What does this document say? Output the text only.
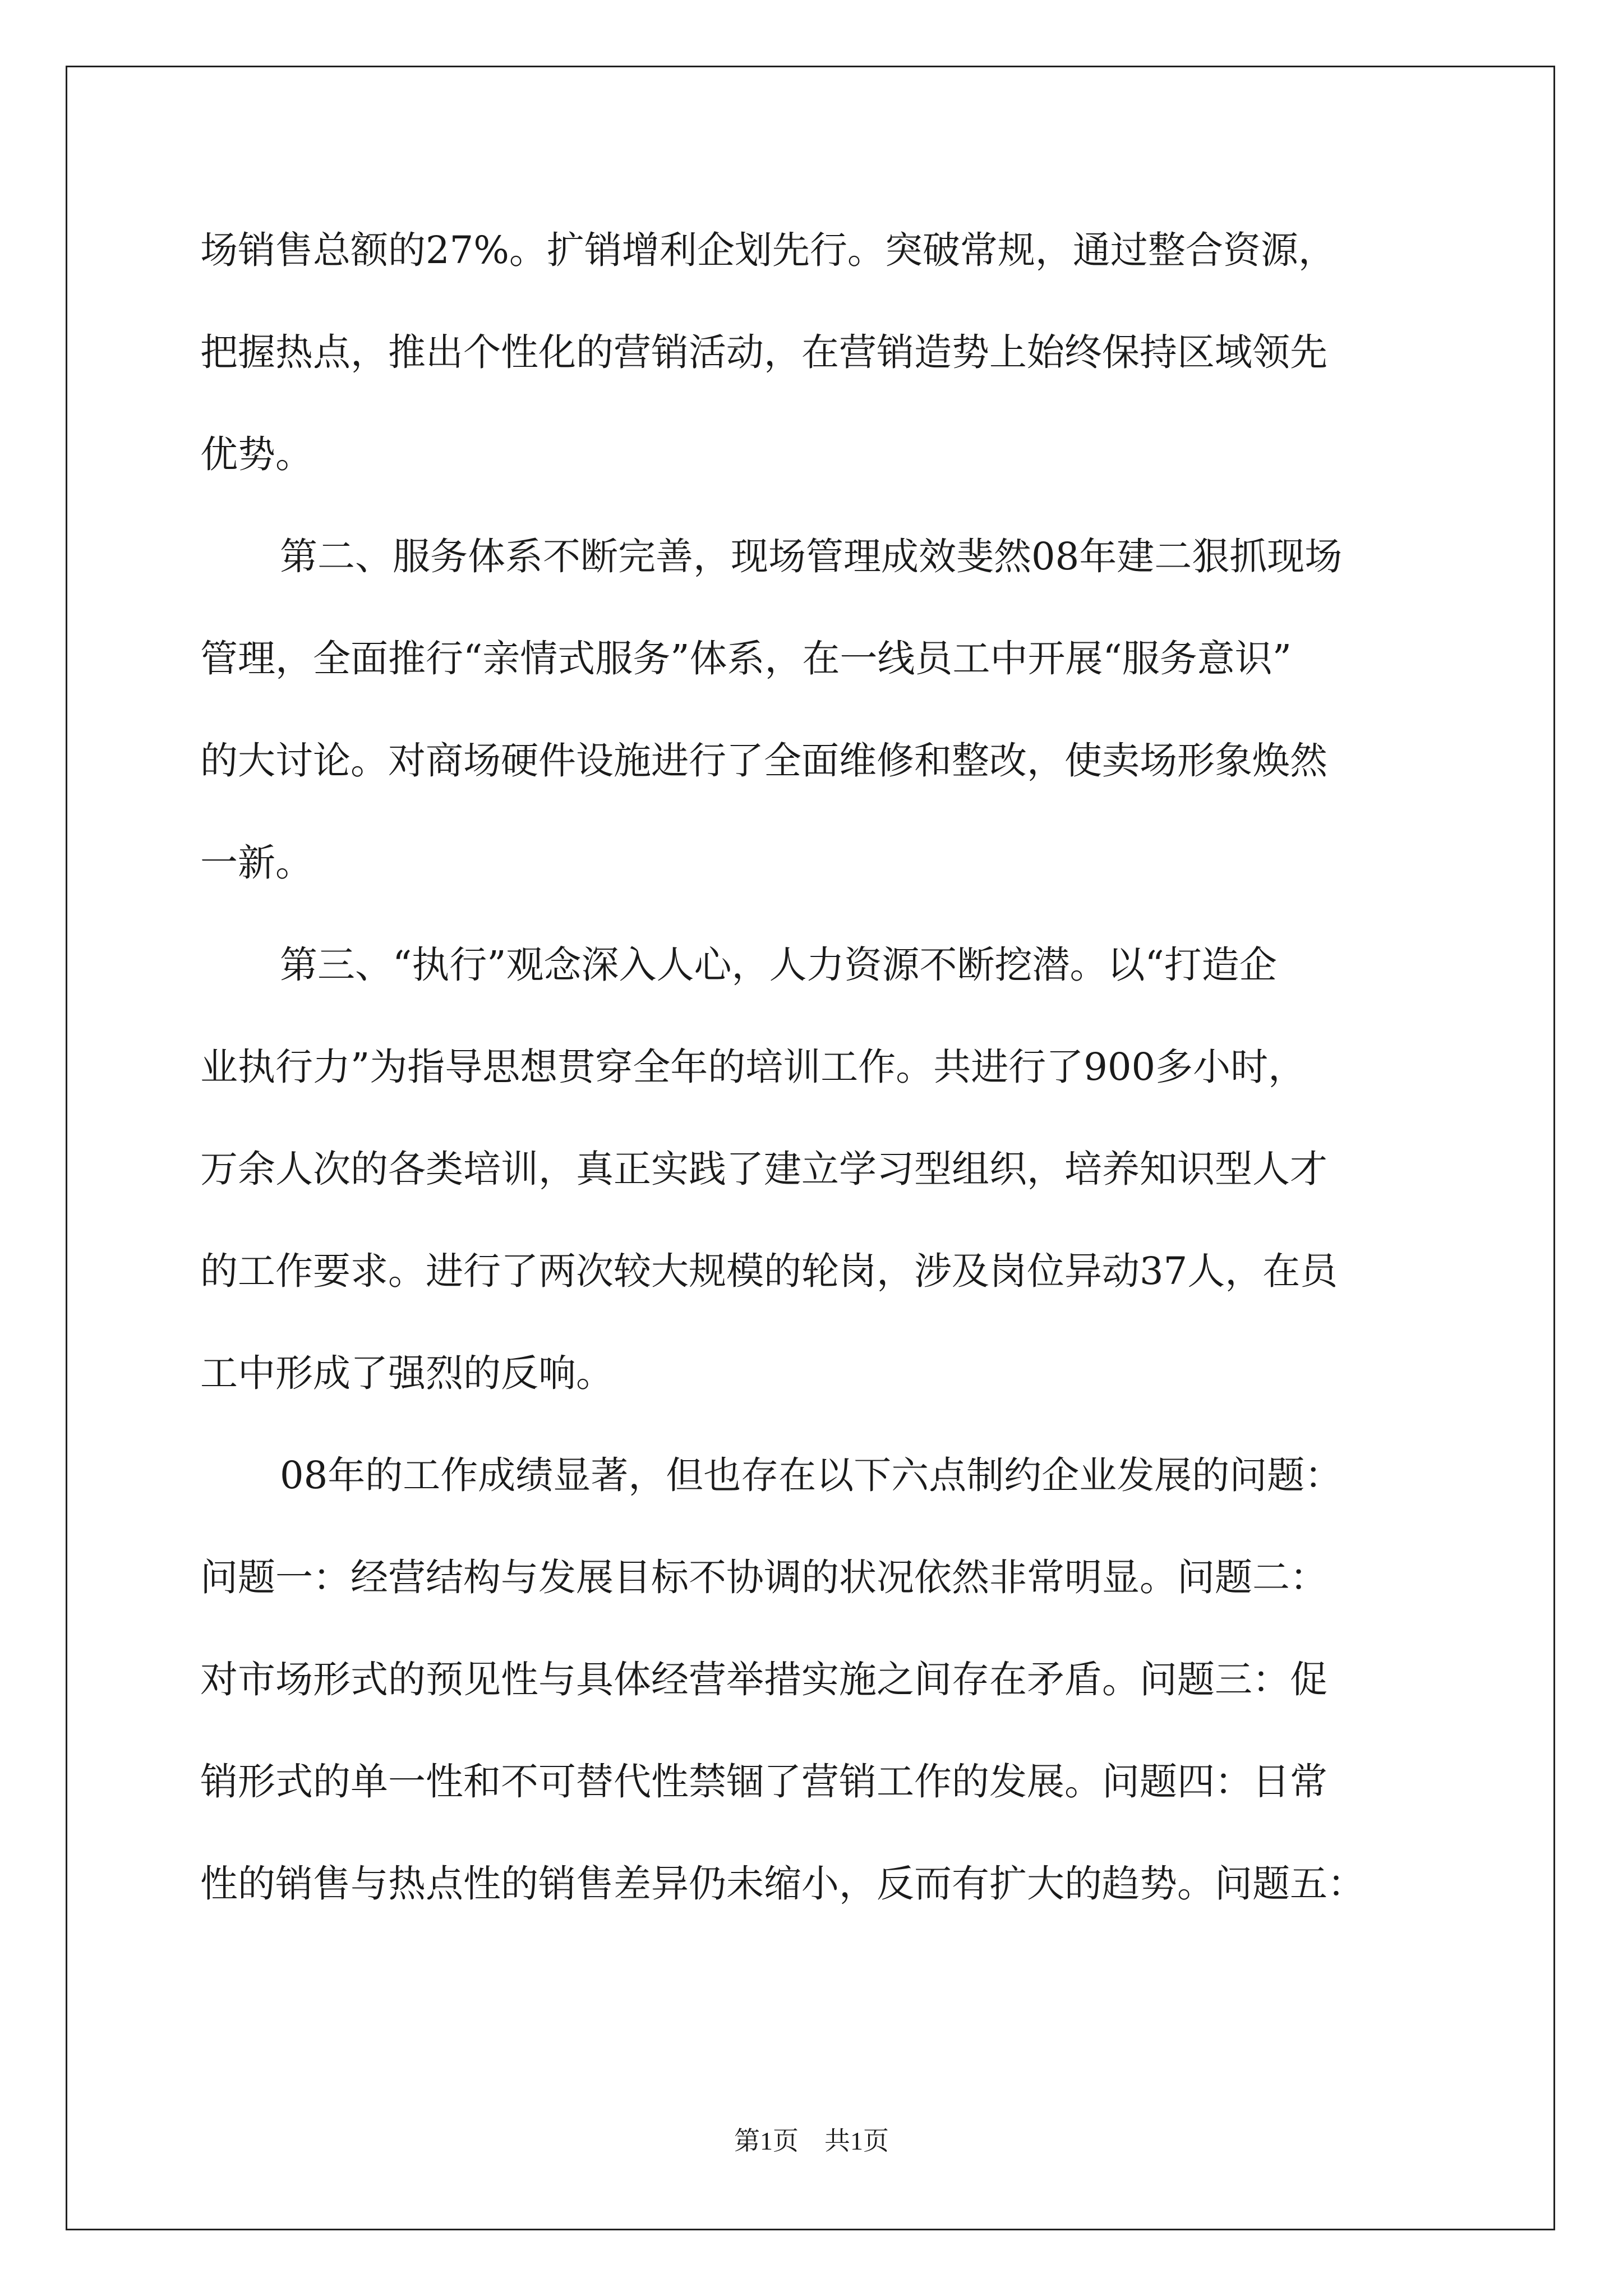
场销售总额的27%。扩销增利企划先行。突破常规，通过整合资源，
把握热点，推出个性化的营销活动，在营销造势上始终保持区域领先
优势。
第二、服务体系不断完善，现场管理成效斐然08年建二狠抓现场
管理，全面推行“亲情式服务”体系，在一线员工中开展“服务意识”
的大讨论。对商场硬件设施进行了全面维修和整改，使卖场形象焕然
一新。
第三、“执行”观念深入人心，人力资源不断挖潜。以“打造企
业执行力”为指导思想贯穿全年的培训工作。共进行了900多小时，
万余人次的各类培训，真正实践了建立学习型组织，培养知识型人才
的工作要求。进行了两次较大规模的轮岗，涉及岗位异动37人，在员
工中形成了强烈的反响。
08年的工作成绩显著，但也存在以下六点制约企业发展的问题：
问题一：经营结构与发展目标不协调的状况依然非常明显。问题二：
对市场形式的预见性与具体经营举措实施之间存在矛盾。问题三：促
销形式的单一性和不可替代性禁锢了营销工作的发展。问题四：日常
性的销售与热点性的销售差异仍未缩小，反而有扩大的趋势。问题五：
第1页 共1页
